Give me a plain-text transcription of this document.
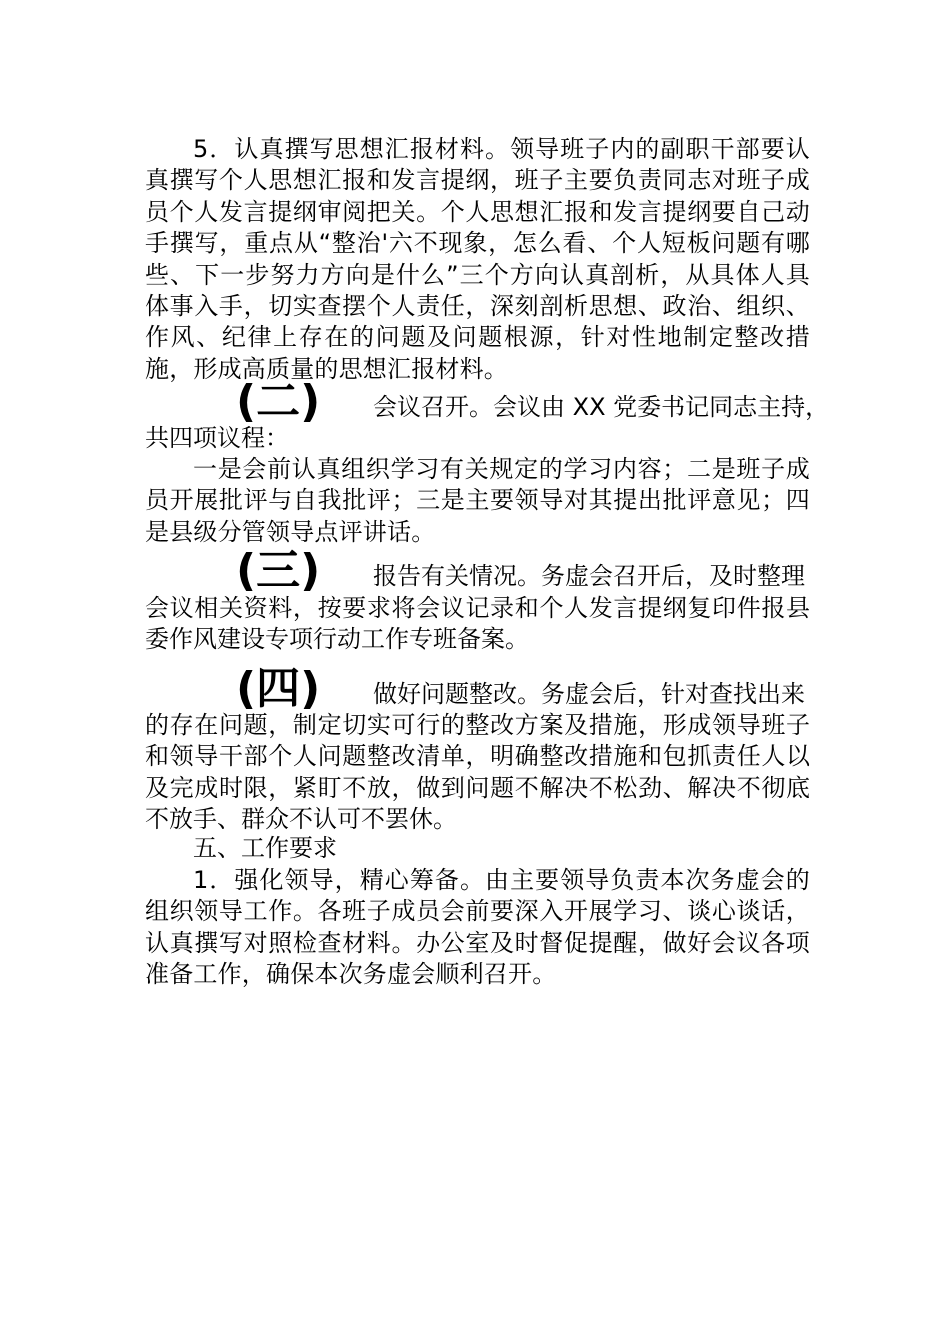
5．认真撰写思想汇报材料。领导班子内的副职干部要认真撰写个人思想汇报和发言提纲，班子主要负责同志对班子成员个人发言提纲审阅把关。个人思想汇报和发言提纲要自己动手撰写，重点从“整治'六不现象，怎么看、个人短板问题有哪些、下一步努力方向是什么”三个方向认真剖析，从具体人具体事入手，切实查摆个人责任，深刻剖析思想、政治、组织、作风、纪律上存在的问题及问题根源，针对性地制定整改措施，形成高质量的思想汇报材料。

(二) 会议召开。会议由 XX 党委书记同志主持，

共四项议程：

一是会前认真组织学习有关规定的学习内容；二是班子成员开展批评与自我批评；三是主要领导对其提出批评意见；四是县级分管领导点评讲话。

(三) 报告有关情况。务虚会召开后，及时整理

会议相关资料，按要求将会议记录和个人发言提纲复印件报县委作风建设专项行动工作专班备案。

(四) 做好问题整改。务虚会后，针对查找出来

的存在问题，制定切实可行的整改方案及措施，形成领导班子和领导干部个人问题整改清单，明确整改措施和包抓责任人以及完成时限，紧盯不放，做到问题不解决不松劲、解决不彻底不放手、群众不认可不罢休。

五、工作要求

1．强化领导，精心筹备。由主要领导负责本次务虚会的组织领导工作。各班子成员会前要深入开展学习、谈心谈话，认真撰写对照检查材料。办公室及时督促提醒，做好会议各项准备工作，确保本次务虚会顺利召开。
